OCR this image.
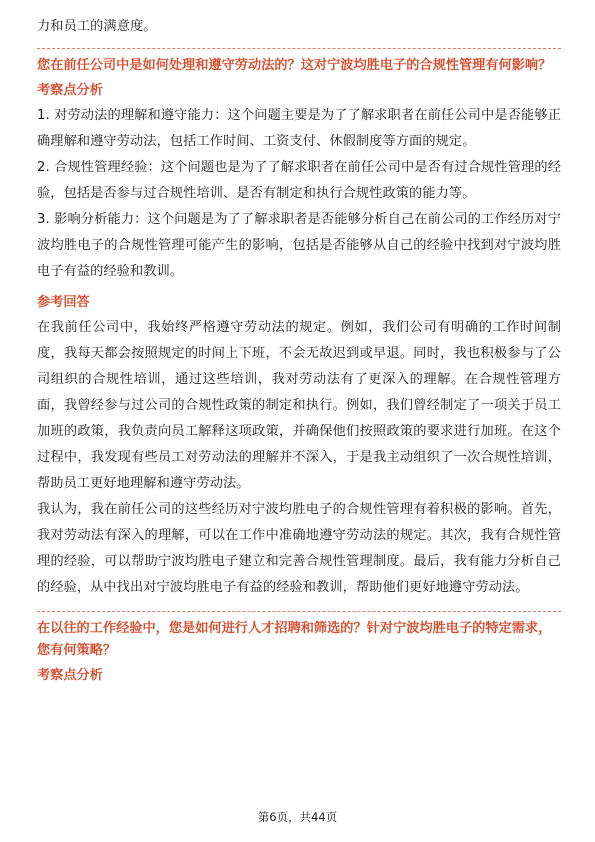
力和员工的满意度。

您在前任公司中是如何处理和遵守劳动法的？这对宁波均胜电子的合规性管理有何影响？

考察点分析

1. 对劳动法的理解和遵守能力：这个问题主要是为了了解求职者在前任公司中是否能够正确理解和遵守劳动法，包括工作时间、工资支付、休假制度等方面的规定。

2. 合规性管理经验：这个问题也是为了了解求职者在前任公司中是否有过合规性管理的经验，包括是否参与过合规性培训、是否有制定和执行合规性政策的能力等。

3. 影响分析能力：这个问题是为了了解求职者是否能够分析自己在前公司的工作经历对宁波均胜电子的合规性管理可能产生的影响，包括是否能够从自己的经验中找到对宁波均胜电子有益的经验和教训。

参考回答

在我前任公司中，我始终严格遵守劳动法的规定。例如，我们公司有明确的工作时间制度，我每天都会按照规定的时间上下班，不会无故迟到或早退。同时，我也积极参与了公司组织的合规性培训，通过这些培训，我对劳动法有了更深入的理解。在合规性管理方面，我曾经参与过公司的合规性政策的制定和执行。例如，我们曾经制定了一项关于员工加班的政策，我负责向员工解释这项政策，并确保他们按照政策的要求进行加班。在这个过程中，我发现有些员工对劳动法的理解并不深入，于是我主动组织了一次合规性培训，帮助员工更好地理解和遵守劳动法。

我认为，我在前任公司的这些经历对宁波均胜电子的合规性管理有着积极的影响。首先，我对劳动法有深入的理解，可以在工作中准确地遵守劳动法的规定。其次，我有合规性管理的经验，可以帮助宁波均胜电子建立和完善合规性管理制度。最后，我有能力分析自己的经验，从中找出对宁波均胜电子有益的经验和教训，帮助他们更好地遵守劳动法。

在以往的工作经验中，您是如何进行人才招聘和筛选的？针对宁波均胜电子的特定需求，您有何策略？

考察点分析

第6页，共44页
